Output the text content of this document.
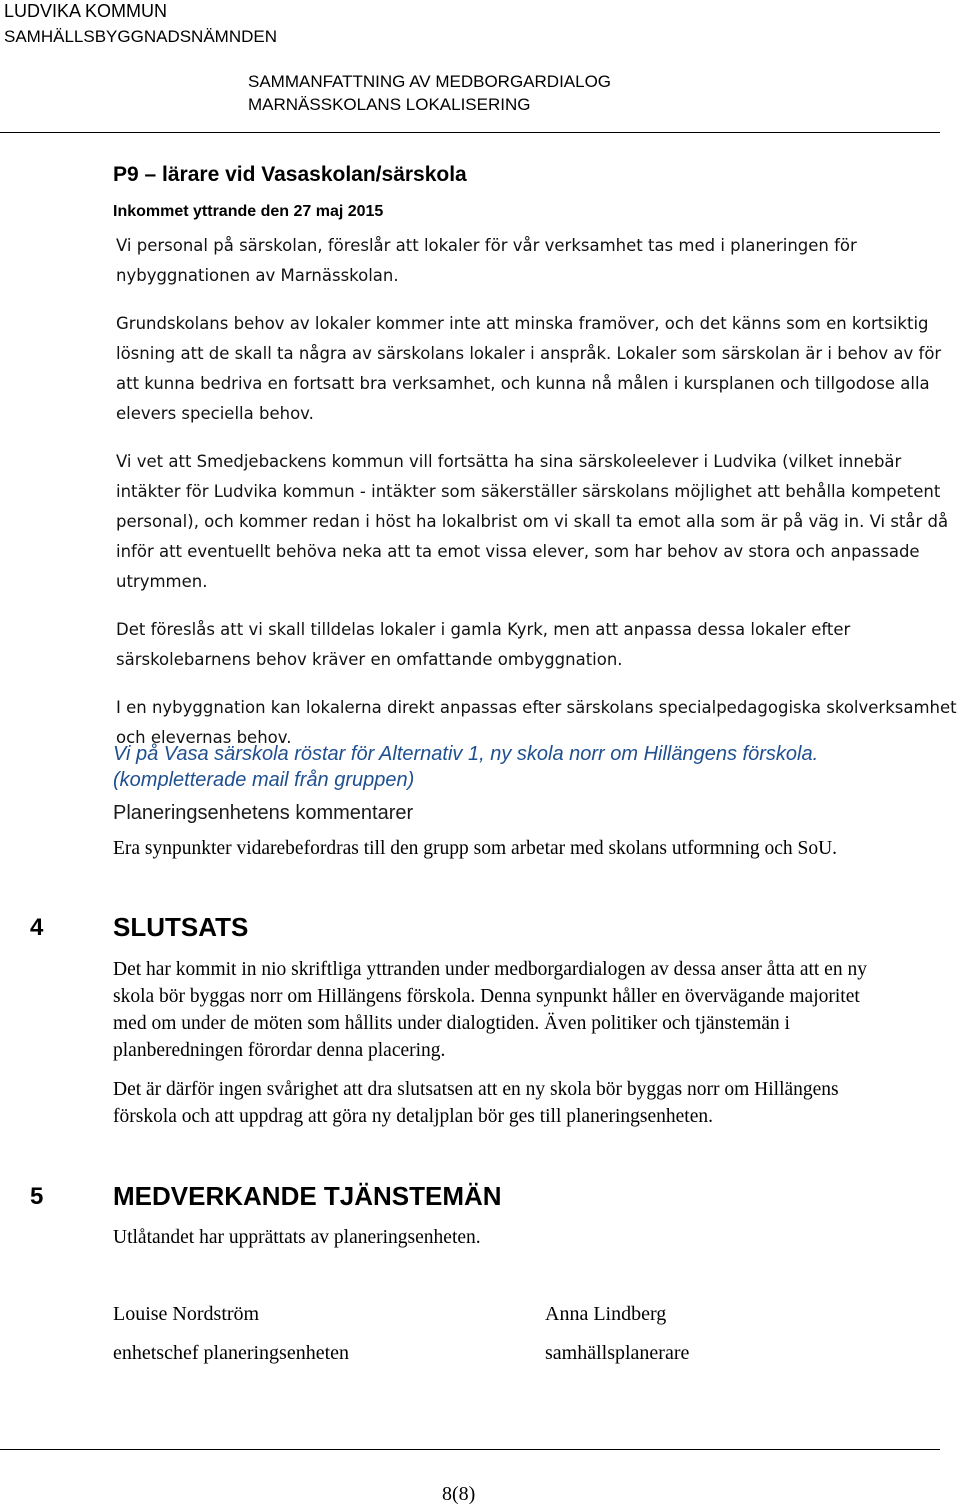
LUDVIKA KOMMUN
SAMHÄLLSBYGGNADSNÄMNDEN
SAMMANFATTNING AV MEDBORGARDIALOG
MARNÄSSKOLANS LOKALISERING
P9 – lärare vid Vasaskolan/särskola
Inkommet yttrande den 27 maj 2015

Vi personal på särskolan, föreslår att lokaler för vår verksamhet tas med i planeringen för nybyggnationen av Marnässkolan.

Grundskolans behov av lokaler kommer inte att minska framöver, och det känns som en kortsiktig lösning att de skall ta några av särskolans lokaler i anspråk. Lokaler som särskolan är i behov av för att kunna bedriva en fortsatt bra verksamhet, och kunna nå målen i kursplanen och tillgodose alla elevers speciella behov.

Vi vet att Smedjebackens kommun vill fortsätta ha sina särskoleelever i Ludvika (vilket innebär intäkter för Ludvika kommun - intäkter som säkerställer särskolans möjlighet att behålla kompetent personal), och kommer redan i höst ha lokalbrist om vi skall ta emot alla som är på väg in. Vi står då inför att eventuellt behöva neka att ta emot vissa elever, som har behov av stora och anpassade utrymmen.

Det föreslås att vi skall tilldelas lokaler i gamla Kyrk, men att anpassa dessa lokaler efter särskolebarnens behov kräver en omfattande ombyggnation.

I en nybyggnation kan lokalerna direkt anpassas efter särskolans specialpedagogiska skolverksamhet och elevernas behov.

Vi på Vasa särskola röstar för Alternativ 1, ny skola norr om Hillängens förskola. (kompletterade mail från gruppen)
Planeringsenhetens kommentarer

Era synpunkter vidarebefordras till den grupp som arbetar med skolans utformning och SoU.

4	SLUTSATS

Det har kommit in nio skriftliga yttranden under medborgardialogen av dessa anser åtta att en ny skola bör byggas norr om Hillängens förskola. Denna synpunkt håller en övervägande majoritet med om under de möten som hållits under dialogtiden. Även politiker och tjänstemän i planberedningen förordar denna placering.

Det är därför ingen svårighet att dra slutsatsen att en ny skola bör byggas norr om Hillängens förskola och att uppdrag att göra ny detaljplan bör ges till planeringsenheten.

5	MEDVERKANDE TJÄNSTEMÄN
Utlåtandet har upprättats av planeringsenheten.
Louise Nordström
enhetschef planeringsenheten
Anna Lindberg
samhällsplanerare
8(8)
